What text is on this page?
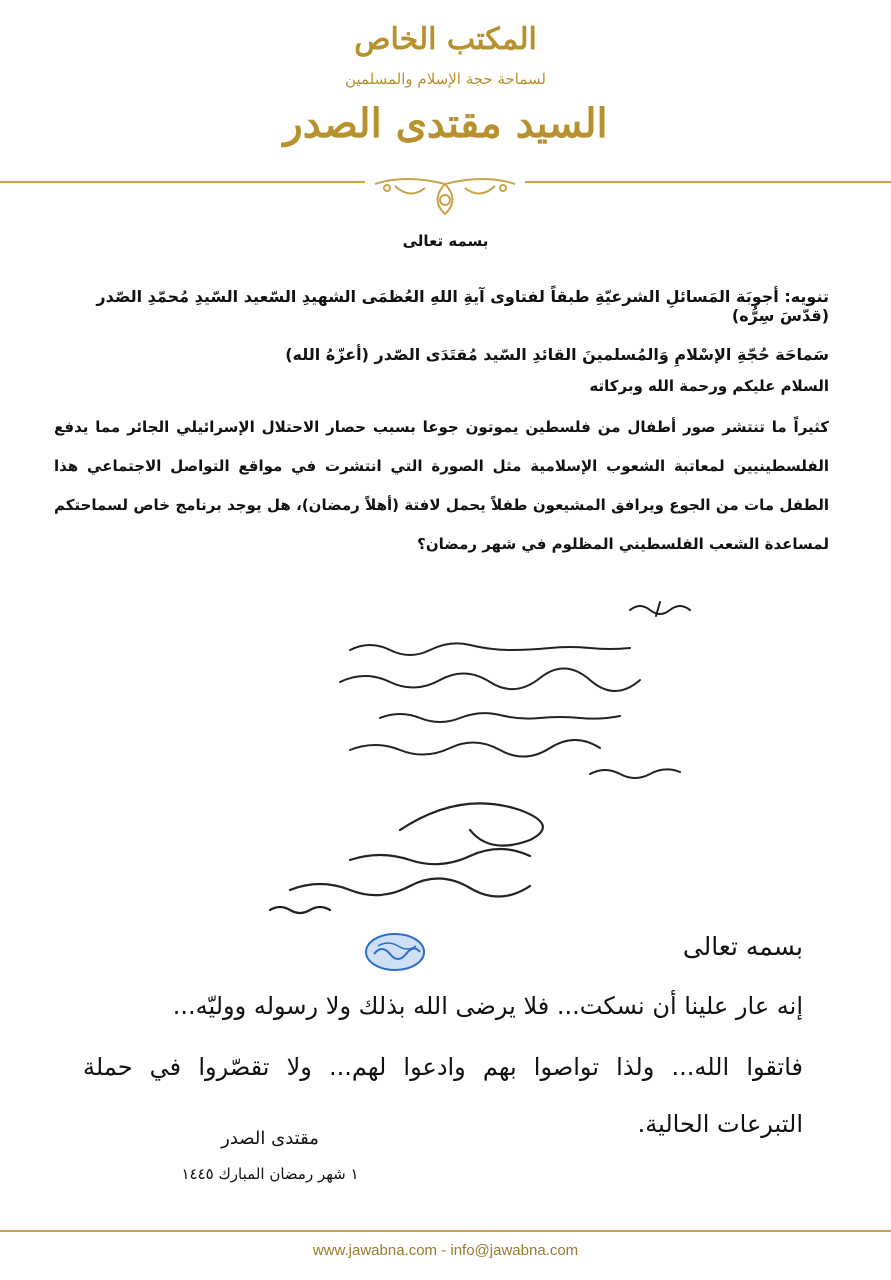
المكتب الخاص
لسماحة حجة الإسلام والمسلمين
السيد مقتدى الصدر
بسمه تعالى
تنويه: أجوبَة المَسائلِ الشرعيّةِ طبقاً لفتاوى آيةِ اللهِ العُظمَى الشهيدِ السّعيد السّيدِ مُحمّدِ الصّدر (قدّسَ سِرُّه)
سَماحَة حُجّةِ الإسْلامِ وَالمُسلمينَ القائدِ السّيد مُقتَدَى الصّدر (أعزّهُ الله)
السلام عليكم ورحمة الله وبركاته
كثيراً ما تنتشر صور أطفال من فلسطين يموتون جوعا بسبب حصار الاحتلال الإسرائيلي الجائر مما يدفع الفلسطينيين لمعاتبة الشعوب الإسلامية مثل الصورة التي انتشرت في مواقع التواصل الاجتماعي هذا الطفل مات من الجوع ويرافق المشيعون طفلاً يحمل لافتة (أهلاً رمضان)، هل يوجد برنامج خاص لسماحتكم لمساعدة الشعب الفلسطيني المظلوم في شهر رمضان؟
بسمه تعالى
إنه عار علينا أن نسكت... فلا يرضى الله بذلك ولا رسوله ووليّه...
فاتقوا الله... ولذا تواصوا بهم وادعوا لهم... ولا تقصّروا في حملة
التبرعات الحالية.
مقتدى الصدر
١ شهر رمضان المبارك ١٤٤٥
www.jawabna.com - info@jawabna.com
